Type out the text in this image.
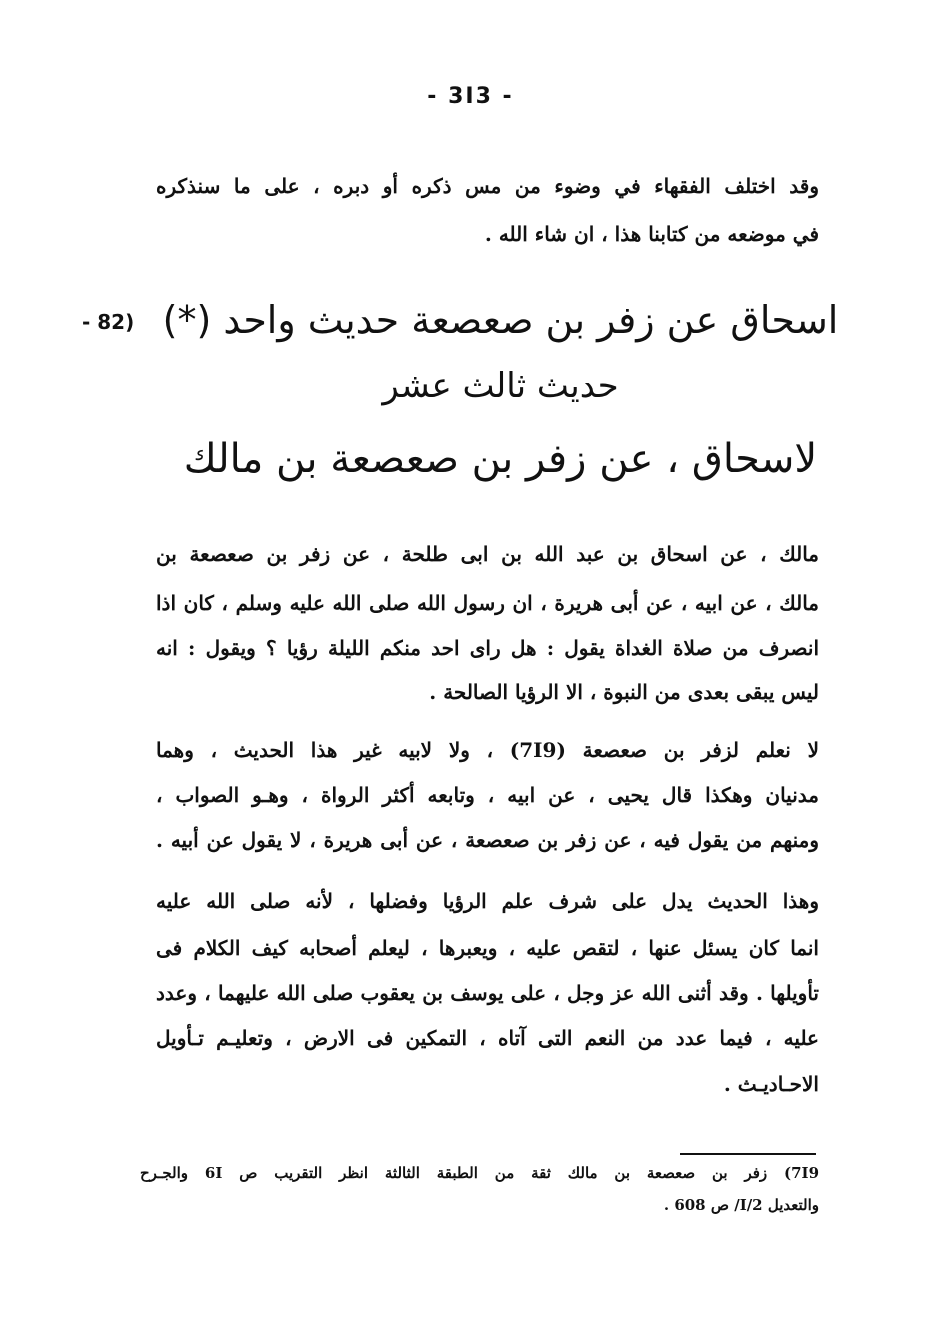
- 3I3 -
وقد اختلف الفقهاء في وضوء من مس ذكره أو دبره ، على ما سنذكره
في موضعه من كتابنا هذا ، ان شاء الله .
- 82) اسحاق عن زفر بن صعصعة حديث واحد (*)
حديث ثالث عشر
لاسحاق ، عن زفر بن صعصعة بن مالك
مالك ، عن اسحاق بن عبد الله بن ابى طلحة ، عن زفر بن صعصعة بن
مالك ، عن ابيه ، عن أبى هريرة ، ان رسول الله صلى الله عليه وسلم ، كان اذا
انصرف من صلاة الغداة يقول : هل راى احد منكم الليلة رؤيا ؟ ويقول : انه
ليس يبقى بعدى من النبوة ، الا الرؤيا الصالحة .
لا نعلم لزفر بن صعصعة (7I9) ، ولا لابيه غير هذا الحديث ، وهما
مدنيان وهكذا قال يحيى ، عن ابيه ، وتابعه أكثر الرواة ، وهـو الصواب ،
ومنهم من يقول فيه ، عن زفر بن صعصعة ، عن أبى هريرة ، لا يقول عن أبيه .
وهذا الحديث يدل على شرف علم الرؤيا وفضلها ، لأنه صلى الله عليه
انما كان يسئل عنها ، لتقص عليه ، ويعبرها ، ليعلم أصحابه كيف الكلام فى
تأويلها . وقد أثنى الله عز وجل ، على يوسف بن يعقوب صلى الله عليهما ، وعدد
عليه ، فيما عدد من النعم التى آتاه ، التمكين فى الارض ، وتعليـم تـأويل
الاحـاديـث .
7I9) زفر بن صعصعة بن مالك ثقة من الطبقة الثالثة انظر التقريب ص 6I والجـرح
والتعديل I/2/ ص 608 .
